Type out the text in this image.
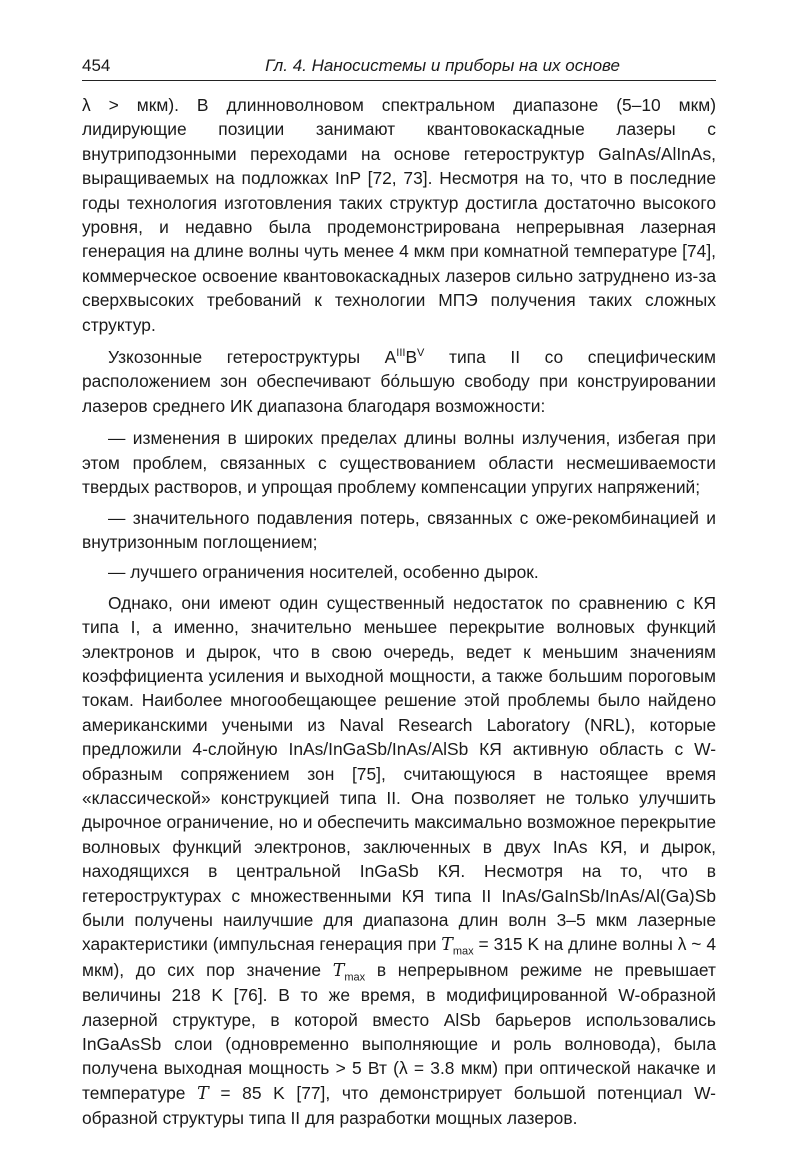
454	Гл. 4. Наносистемы и приборы на их основе

λ > мкм). В длинноволновом спектральном диапазоне (5–10 мкм) лидирующие позиции занимают квантовокаскадные лазеры с внутриподзонными переходами на основе гетероструктур GaInAs/AlInAs, выращиваемых на подложках InP [72, 73]. Несмотря на то, что в последние годы технология изготовления таких структур достигла достаточно высокого уровня, и недавно была продемонстрирована непрерывная лазерная генерация на длине волны чуть менее 4 мкм при комнатной температуре [74], коммерческое освоение квантовокаскадных лазеров сильно затруднено из-за сверхвысоких требований к технологии МПЭ получения таких сложных структур.

Узкозонные гетероструктуры $A^{III}B^V$ типа II со специфическим расположением зон обеспечивают бо́льшую свободу при конструировании лазеров среднего ИК диапазона благодаря возможности:

— изменения в широких пределах длины волны излучения, избегая при этом проблем, связанных с существованием области несмешиваемости твердых растворов, и упрощая проблему компенсации упругих напряжений;

— значительного подавления потерь, связанных с оже-рекомбинацией и внутризонным поглощением;

— лучшего ограничения носителей, особенно дырок.

Однако, они имеют один существенный недостаток по сравнению с КЯ типа I, а именно, значительно меньшее перекрытие волновых функций электронов и дырок, что в свою очередь, ведет к меньшим значениям коэффициента усиления и выходной мощности, а также большим пороговым токам. Наиболее многообещающее решение этой проблемы было найдено американскими учеными из Naval Research Laboratory (NRL), которые предложили 4-слойную InAs/InGaSb/InAs/AlSb КЯ активную область с W-образным сопряжением зон [75], считающуюся в настоящее время «классической» конструкцией типа II. Она позволяет не только улучшить дырочное ограничение, но и обеспечить максимально возможное перекрытие волновых функций электронов, заключенных в двух InAs КЯ, и дырок, находящихся в центральной InGaSb КЯ. Несмотря на то, что в гетероструктурах с множественными КЯ типа II InAs/GaInSb/InAs/Al(Ga)Sb были получены наилучшие для диапазона длин волн 3–5 мкм лазерные характеристики (импульсная генерация при $T_{max} = 315$ K на длине волны λ ~ 4 мкм), до сих пор значение $T_{max}$ в непрерывном режиме не превышает величины 218 K [76]. В то же время, в модифицированной W-образной лазерной структуре, в которой вместо AlSb барьеров использовались InGaAsSb слои (одновременно выполняющие и роль волновода), была получена выходная мощность > 5 Вт (λ = 3.8 мкм) при оптической накачке и температуре T = 85 K [77], что демонстрирует большой потенциал W-образной структуры типа II для разработки мощных лазеров.
